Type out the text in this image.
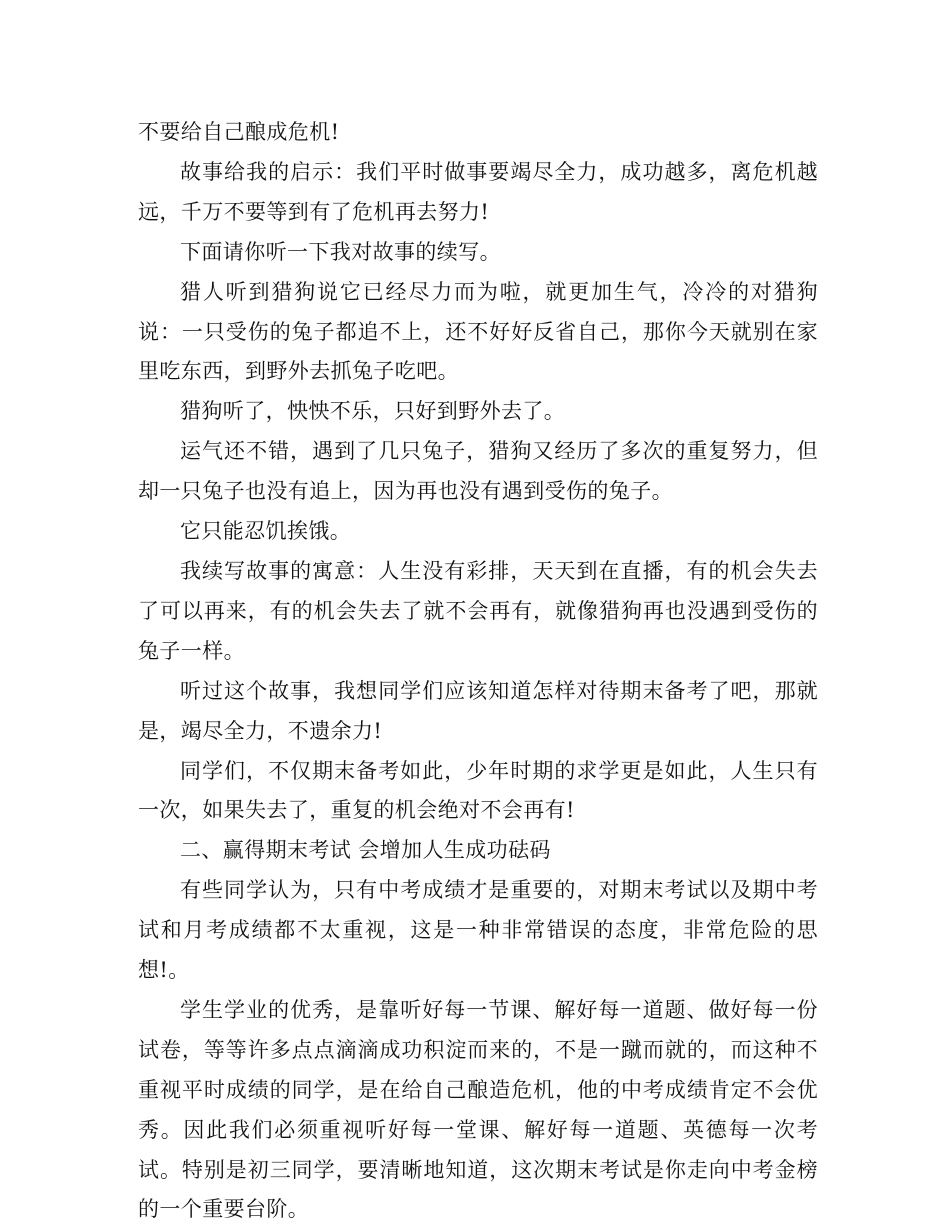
不要给自己酿成危机!

故事给我的启示：我们平时做事要竭尽全力，成功越多，离危机越远，千万不要等到有了危机再去努力!

下面请你听一下我对故事的续写。

猎人听到猎狗说它已经尽力而为啦，就更加生气，冷冷的对猎狗说：一只受伤的兔子都追不上，还不好好反省自己，那你今天就别在家里吃东西，到野外去抓兔子吃吧。

猎狗听了，怏怏不乐，只好到野外去了。

运气还不错，遇到了几只兔子，猎狗又经历了多次的重复努力，但却一只兔子也没有追上，因为再也没有遇到受伤的兔子。

它只能忍饥挨饿。

我续写故事的寓意：人生没有彩排，天天到在直播，有的机会失去了可以再来，有的机会失去了就不会再有，就像猎狗再也没遇到受伤的兔子一样。

听过这个故事，我想同学们应该知道怎样对待期末备考了吧，那就是，竭尽全力，不遗余力!

同学们，不仅期末备考如此，少年时期的求学更是如此，人生只有一次，如果失去了，重复的机会绝对不会再有!

二、赢得期末考试 会增加人生成功砝码

有些同学认为，只有中考成绩才是重要的，对期末考试以及期中考试和月考成绩都不太重视，这是一种非常错误的态度，非常危险的思想!。

学生学业的优秀，是靠听好每一节课、解好每一道题、做好每一份试卷，等等许多点点滴滴成功积淀而来的，不是一蹴而就的，而这种不重视平时成绩的同学，是在给自己酿造危机，他的中考成绩肯定不会优秀。因此我们必须重视听好每一堂课、解好每一道题、英德每一次考试。特别是初三同学，要清晰地知道，这次期末考试是你走向中考金榜的一个重要台阶。
